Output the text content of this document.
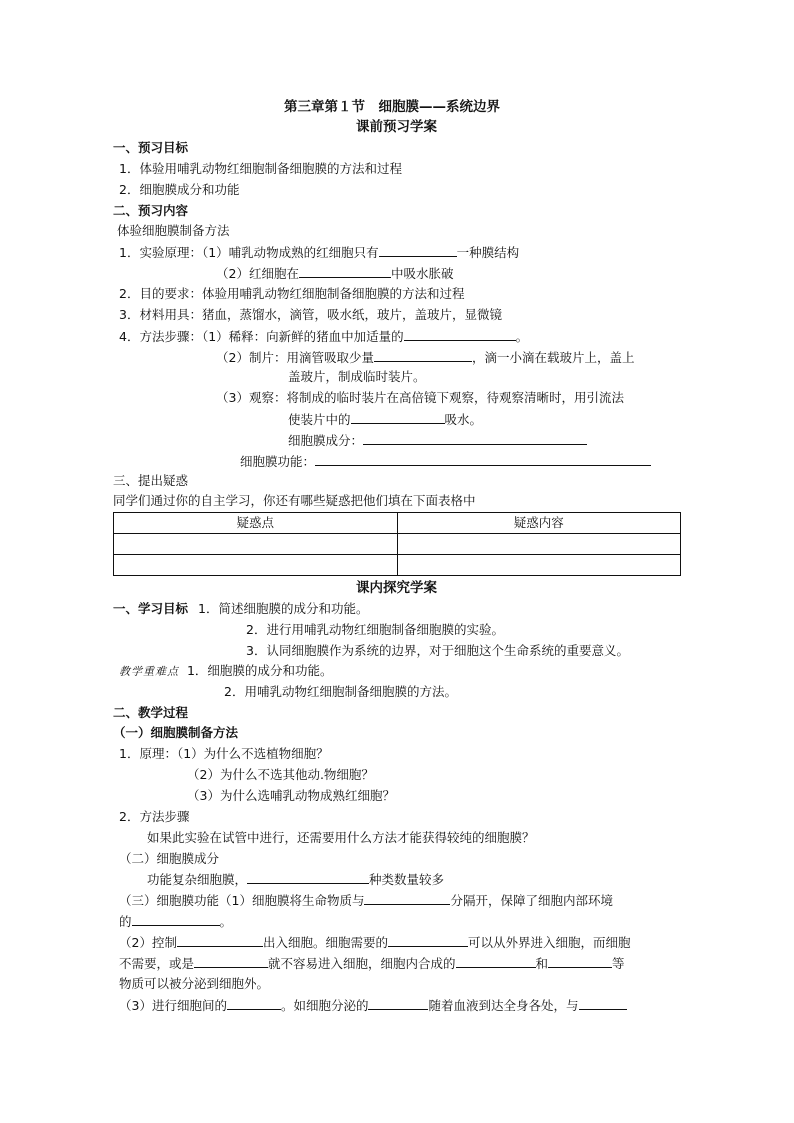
第三章第１节　细胞膜——系统边界
课前预习学案
一、预习目标
1．体验用哺乳动物红细胞制备细胞膜的方法和过程
2．细胞膜成分和功能
二、预习内容
体验细胞膜制备方法
1．实验原理：（1）哺乳动物成熟的红细胞只有	一种膜结构
（2）红细胞在	中吸水胀破
2．目的要求：体验用哺乳动物红细胞制备细胞膜的方法和过程
3．材料用具：猪血，蒸馏水，滴管，吸水纸，玻片，盖玻片，显微镜
4．方法步骤：（1）稀释：向新鲜的猪血中加适量的	。
（2）制片：用滴管吸取少量	，滴一小滴在载玻片上，盖上
盖玻片，制成临时装片。
（3）观察：将制成的临时装片在高倍镜下观察，待观察清晰时，用引流法
使装片中的	吸水。
细胞膜成分：
细胞膜功能：
三、提出疑惑
同学们通过你的自主学习，你还有哪些疑惑把他们填在下面表格中
疑惑点	疑惑内容

课内探究学案
一、学习目标 1．简述细胞膜的成分和功能。
2．进行用哺乳动物红细胞制备细胞膜的实验。
3．认同细胞膜作为系统的边界，对于细胞这个生命系统的重要意义。
教学重难点 1．细胞膜的成分和功能。
2．用哺乳动物红细胞制备细胞膜的方法。
二、教学过程
（一）细胞膜制备方法
1．原理：（1）为什么不选植物细胞？
（2）为什么不选其他动.物细胞？
（3）为什么选哺乳动物成熟红细胞？
2．方法步骤
如果此实验在试管中进行，还需要用什么方法才能获得较纯的细胞膜？
（二）细胞膜成分
功能复杂细胞膜，	种类数量较多
（三）细胞膜功能（1）细胞膜将生命物质与	分隔开，保障了细胞内部环境
的	。
（2）控制	出入细胞。细胞需要的	可以从外界进入细胞，而细胞
不需要，或是	就不容易进入细胞，细胞内合成的	和	等
物质可以被分泌到细胞外。
（3）进行细胞间的	。如细胞分泌的	随着血液到达全身各处，与
